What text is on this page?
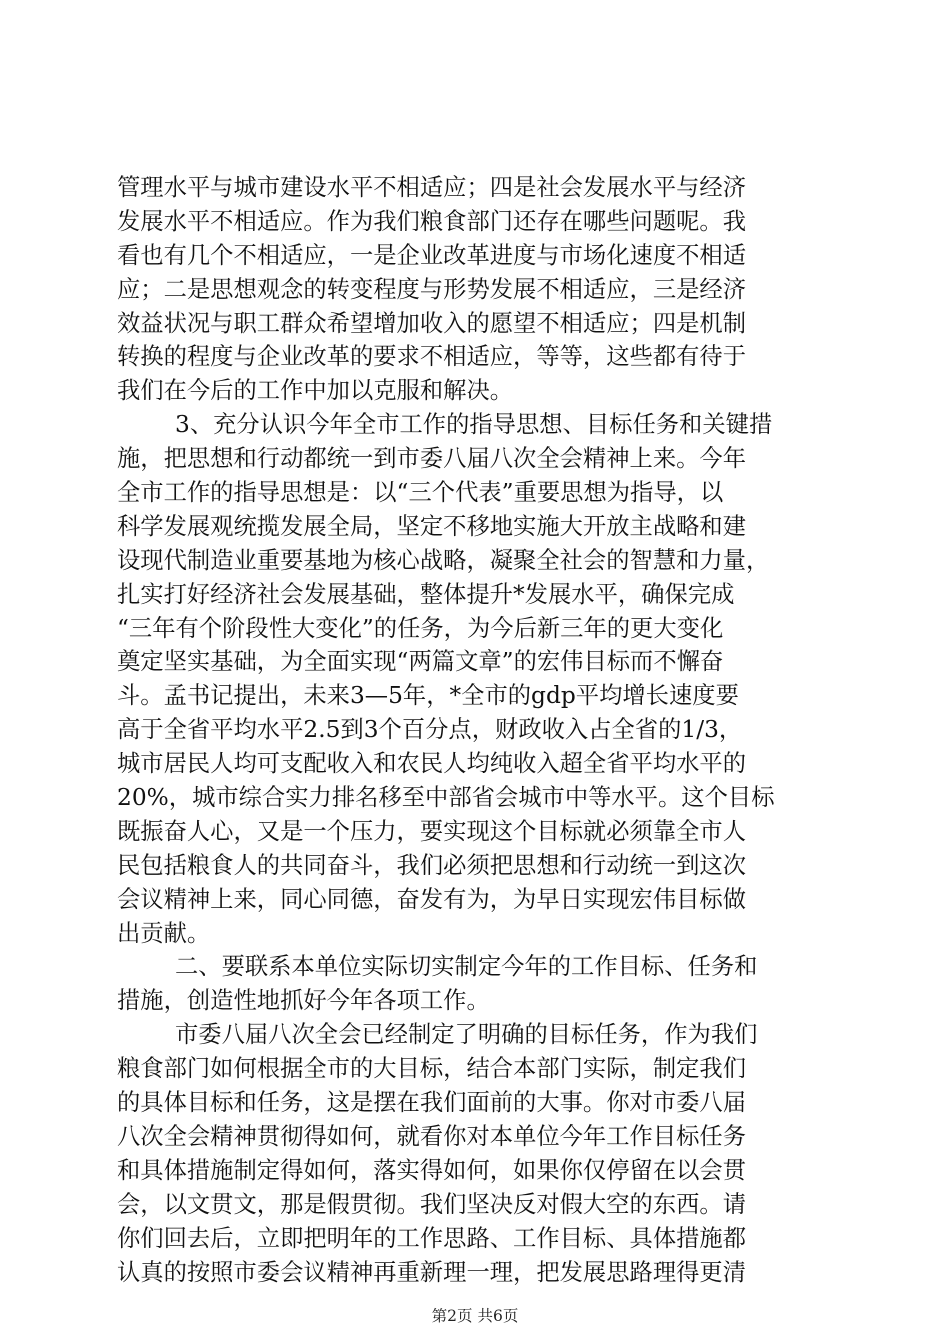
管理水平与城市建设水平不相适应；四是社会发展水平与经济
发展水平不相适应。作为我们粮食部门还存在哪些问题呢。我
看也有几个不相适应，一是企业改革进度与市场化速度不相适
应；二是思想观念的转变程度与形势发展不相适应，三是经济
效益状况与职工群众希望增加收入的愿望不相适应；四是机制
转换的程度与企业改革的要求不相适应，等等，这些都有待于
我们在今后的工作中加以克服和解决。
3、充分认识今年全市工作的指导思想、目标任务和关键措
施，把思想和行动都统一到市委八届八次全会精神上来。今年
全市工作的指导思想是：以“三个代表”重要思想为指导，以
科学发展观统揽发展全局，坚定不移地实施大开放主战略和建
设现代制造业重要基地为核心战略，凝聚全社会的智慧和力量，
扎实打好经济社会发展基础，整体提升*发展水平，确保完成
“三年有个阶段性大变化”的任务，为今后新三年的更大变化
奠定坚实基础，为全面实现“两篇文章”的宏伟目标而不懈奋
斗。孟书记提出，未来3—5年，*全市的gdp平均增长速度要
高于全省平均水平2.5到3个百分点，财政收入占全省的1/3，
城市居民人均可支配收入和农民人均纯收入超全省平均水平的
20%，城市综合实力排名移至中部省会城市中等水平。这个目标
既振奋人心，又是一个压力，要实现这个目标就必须靠全市人
民包括粮食人的共同奋斗，我们必须把思想和行动统一到这次
会议精神上来，同心同德，奋发有为，为早日实现宏伟目标做
出贡献。
二、要联系本单位实际切实制定今年的工作目标、任务和
措施，创造性地抓好今年各项工作。
市委八届八次全会已经制定了明确的目标任务，作为我们
粮食部门如何根据全市的大目标，结合本部门实际，制定我们
的具体目标和任务，这是摆在我们面前的大事。你对市委八届
八次全会精神贯彻得如何，就看你对本单位今年工作目标任务
和具体措施制定得如何，落实得如何，如果你仅停留在以会贯
会，以文贯文，那是假贯彻。我们坚决反对假大空的东西。请
你们回去后，立即把明年的工作思路、工作目标、具体措施都
认真的按照市委会议精神再重新理一理，把发展思路理得更清
第2页 共6页
